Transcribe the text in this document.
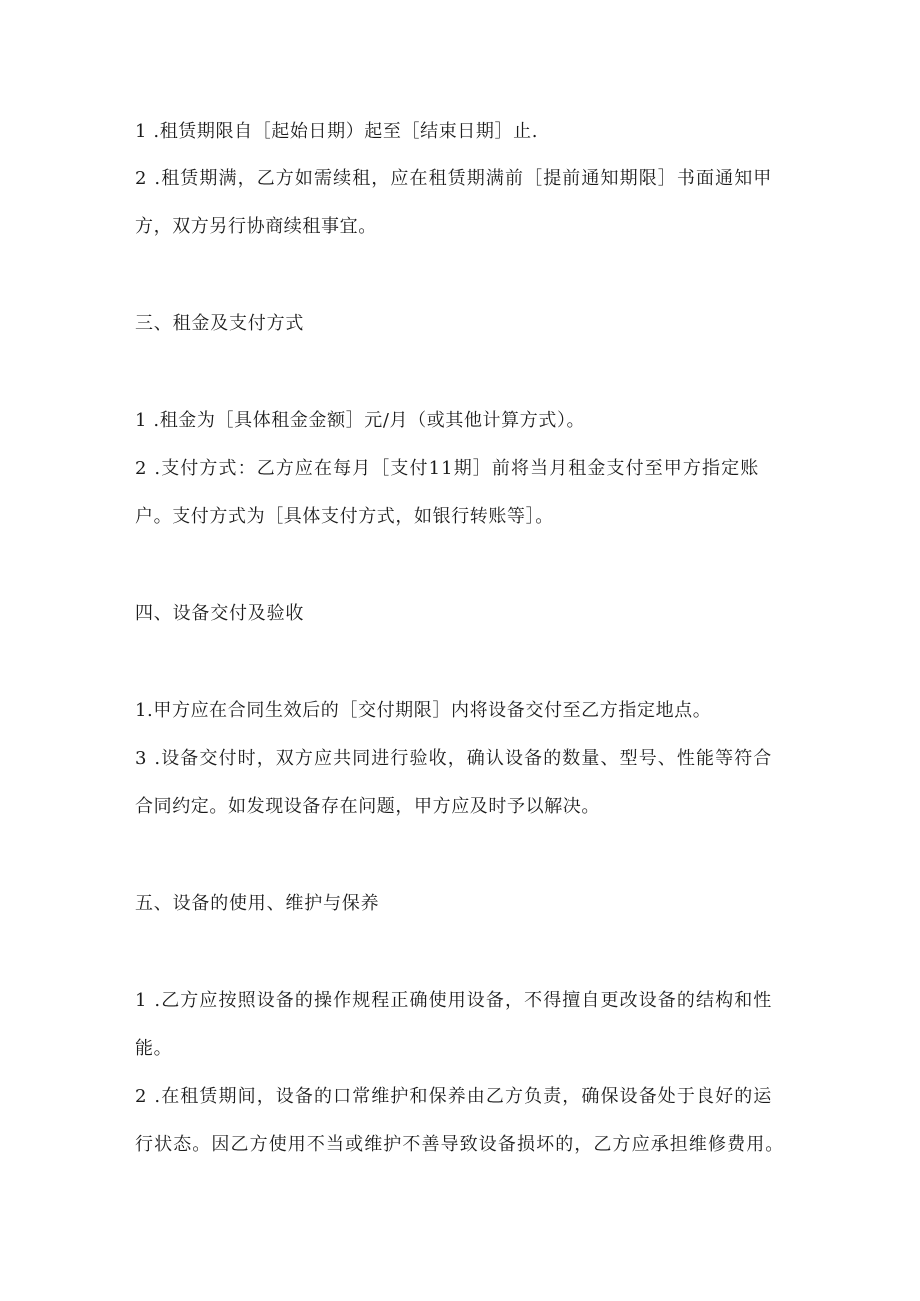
1 .租赁期限自［起始日期）起至［结束日期］止.
2 .租赁期满，乙方如需续租，应在租赁期满前［提前通知期限］书面通知甲
方，双方另行协商续租事宜。
三、租金及支付方式
1 .租金为［具体租金金额］元/月（或其他计算方式）。
2 .支付方式：乙方应在每月［支付11期］前将当月租金支付至甲方指定账
户。支付方式为［具体支付方式，如银行转账等］。
四、设备交付及验收
1.甲方应在合同生效后的［交付期限］内将设备交付至乙方指定地点。
3 .设备交付时，双方应共同进行验收，确认设备的数量、型号、性能等符合
合同约定。如发现设备存在问题，甲方应及时予以解决。
五、设备的使用、维护与保养
1 .乙方应按照设备的操作规程正确使用设备，不得擅自更改设备的结构和性
能。
2 .在租赁期间，设备的口常维护和保养由乙方负责，确保设备处于良好的运
行状态。因乙方使用不当或维护不善导致设备损坏的，乙方应承担维修费用。
